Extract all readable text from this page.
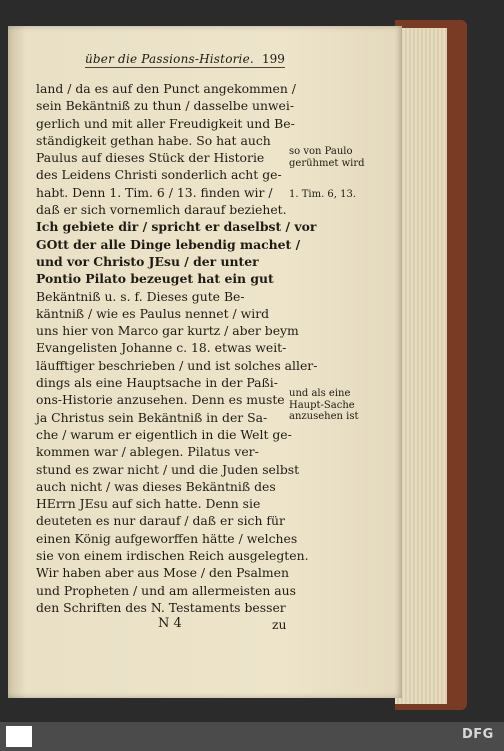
über die Passions-Historie. 199
land / da es auf den Punct angekommen /
sein Bekäntniß zu thun / dasselbe unwei-
gerlich und mit aller Freudigkeit und Be-
ständigkeit gethan habe. So hat auch
Paulus auf dieses Stück der Historie
des Leidens Christi sonderlich acht ge-
habt. Denn 1. Tim. 6 / 13. finden wir /
daß er sich vornemlich darauf beziehet.
Ich gebiete dir / spricht er daselbst / vor
GOtt der alle Dinge lebendig machet /
und vor Christo JEsu / der unter
Pontio Pilato bezeuget hat ein gut
Bekäntniß u. s. f. Dieses gute Be-
käntniß / wie es Paulus nennet / wird
uns hier von Marco gar kurtz / aber beym
Evangelisten Johanne c. 18. etwas weit-
läufftiger beschrieben / und ist solches aller-
dings als eine Hauptsache in der Paßi-
ons-Historie anzusehen. Denn es muste
ja Christus sein Bekäntniß in der Sa-
che / warum er eigentlich in die Welt ge-
kommen war / ablegen. Pilatus ver-
stund es zwar nicht / und die Juden selbst
auch nicht / was dieses Bekäntniß des
HErrn JEsu auf sich hatte. Denn sie
deuteten es nur darauf / daß er sich für
einen König aufgeworffen hätte / welches
sie von einem irdischen Reich ausgelegten.
Wir haben aber aus Mose / den Psalmen
und Propheten / und am allermeisten aus
den Schriften des N. Testaments besser
so von Paulo gerühmet wird
1. Tim. 6, 13.
und als eine Haupt-Sache anzusehen ist
N 4	zu
DFG
